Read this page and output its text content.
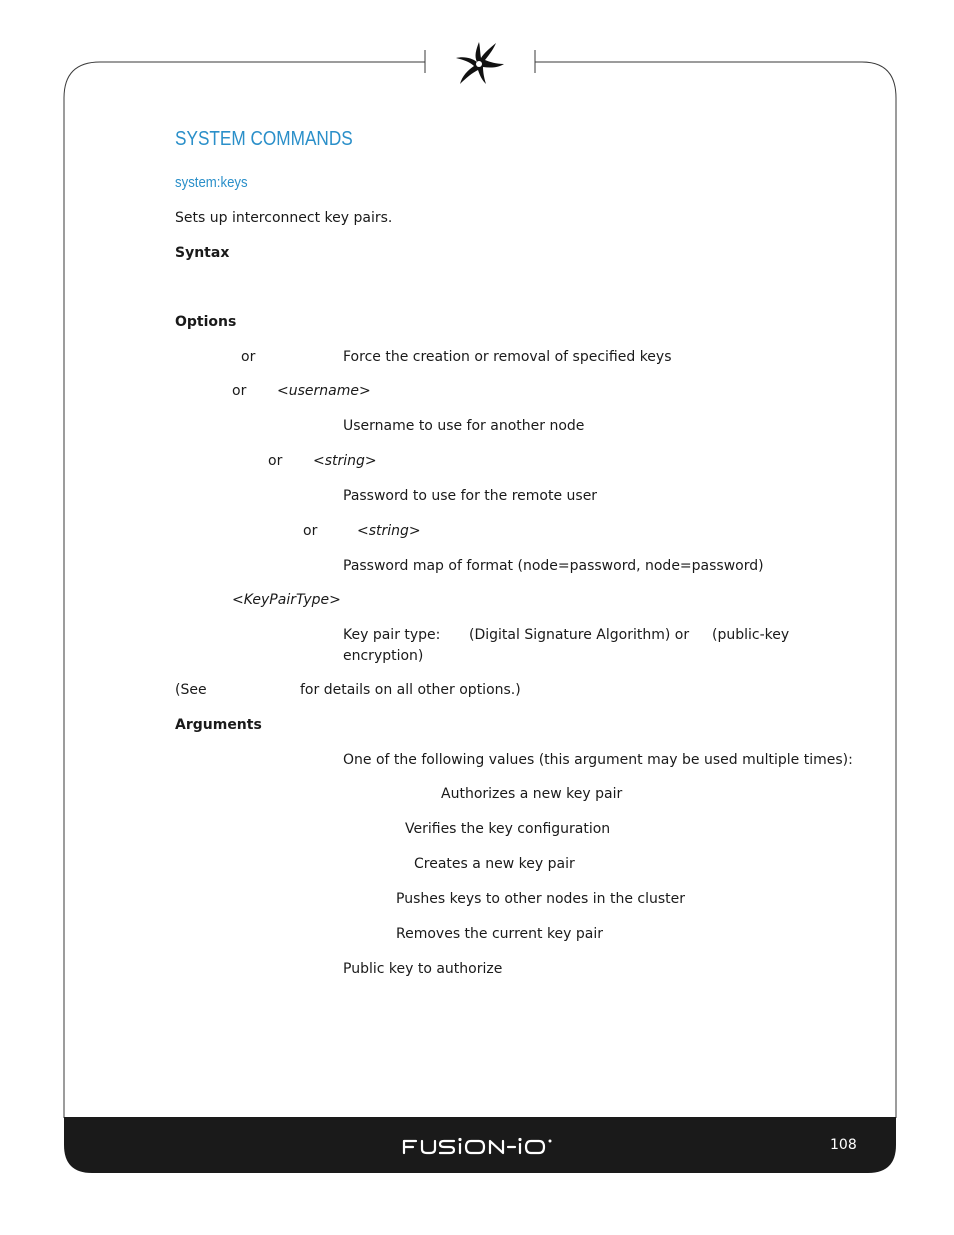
SYSTEM COMMANDS
system:keys
Sets up interconnect key pairs.
Syntax
Options
or	Force the creation or removal of specified keys
or <username>
Username to use for another node
or <string>
Password to use for the remote user
or	<string>
Password map of format (node=password, node=password)
<KeyPairType>
Key pair type: (Digital Signature Algorithm) or (public-key
encryption)
(See	for details on all other options.)
Arguments
One of the following values (this argument may be used multiple times):
Authorizes a new key pair
Verifies the key configuration
Creates a new key pair
Pushes keys to other nodes in the cluster
Removes the current key pair
Public key to authorize
108
